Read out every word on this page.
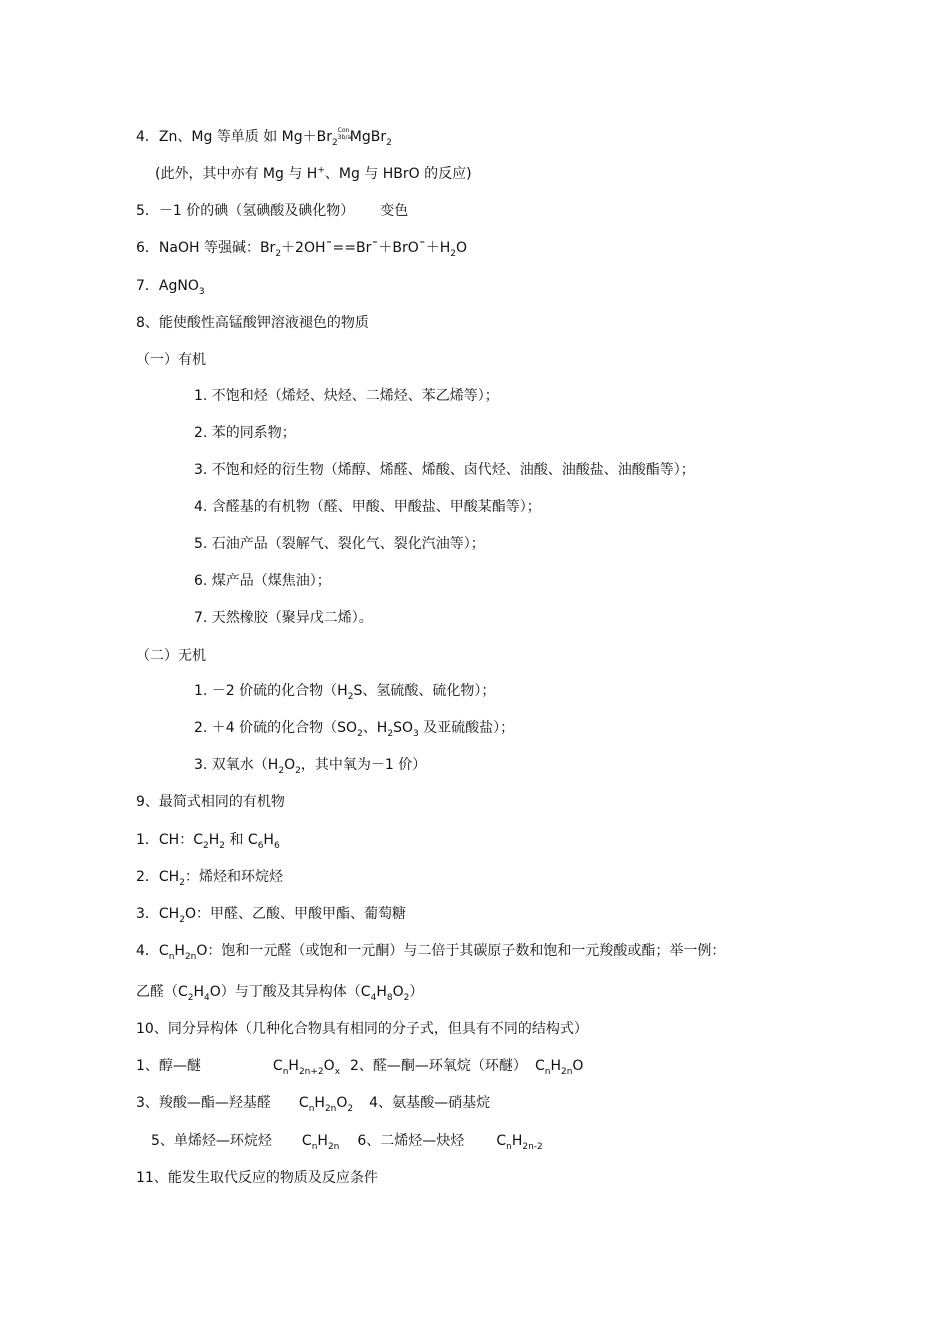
4．Zn、Mg 等单质 如 $Mg+Br_2$
Con
3b/a
MgBr$_2$
(此外，其中亦有 Mg 与 H+、Mg 与 HBrO 的反应)
5．－1 价的碘（氢碘酸及碘化物） 变色
6．NaOH 等强碱：$Br_2+2OH¯==Br¯+BrO¯+H_2O$
7．AgNO$_3$
8、能使酸性高锰酸钾溶液褪色的物质
（一）有机
1. 不饱和烃（烯烃、炔烃、二烯烃、苯乙烯等）；
2. 苯的同系物；
3. 不饱和烃的衍生物（烯醇、烯醛、烯酸、卤代烃、油酸、油酸盐、油酸酯等）；
4. 含醛基的有机物（醛、甲酸、甲酸盐、甲酸某酯等）；
5. 石油产品（裂解气、裂化气、裂化汽油等）；
6. 煤产品（煤焦油）；
7. 天然橡胶（聚异戊二烯）。
（二）无机
1. －2 价硫的化合物（$H_2S$、氢硫酸、硫化物）；
2. ＋4 价硫的化合物（$SO_2$、$H_2SO_3$ 及亚硫酸盐）；
3. 双氧水（$H_2O_2$，其中氧为－1 价）
9、最简式相同的有机物
1．CH：$C_2H_2$ 和 $C_6H_6$
2．$CH_2$：烯烃和环烷烃
3．$CH_2O$：甲醛、乙酸、甲酸甲酯、葡萄糖
4．$C_nH_{2n}O$：饱和一元醛（或饱和一元酮）与二倍于其碳原子数和饱和一元羧酸或酯；举一例：
乙醛$(C_2H_4O)$与丁酸及其异构体$(C_4H_8O_2)$
10、同分异构体（几种化合物具有相同的分子式，但具有不同的结构式）
1、醇—醚	$C_nH_{2n+2}O_x$ 2、醛—酮—环氧烷（环醚） $C_nH_{2n}O$
3、羧酸—酯—羟基醛 $C_nH_{2n}O_2$ 4、氨基酸—硝基烷
5、单烯烃—环烷烃 $C_nH_{2n}$ 6、二烯烃—炔烃 $C_nH_{2n-2}$
11、能发生取代反应的物质及反应条件
